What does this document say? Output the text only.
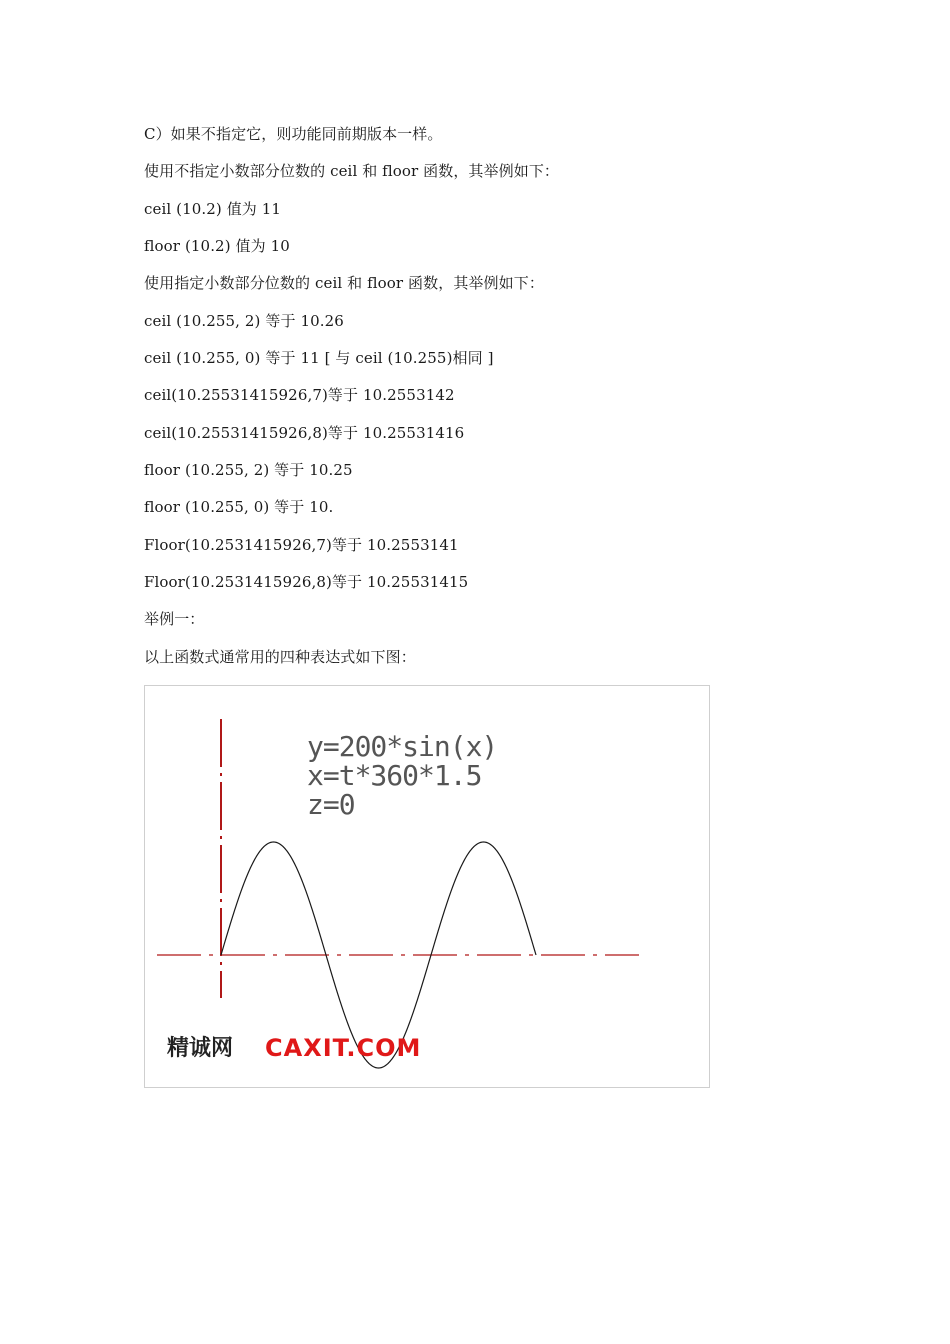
C）如果不指定它，则功能同前期版本一样。
使用不指定小数部分位数的 ceil 和 floor 函数，其举例如下：
ceil (10.2) 值为 11
floor (10.2) 值为 10
使用指定小数部分位数的 ceil 和 floor 函数，其举例如下：
ceil (10.255, 2) 等于 10.26
ceil (10.255, 0) 等于 11 [ 与 ceil (10.255)相同 ]
ceil(10.25531415926,7)等于 10.2553142
ceil(10.25531415926,8)等于 10.25531416
floor (10.255, 2) 等于 10.25
floor (10.255, 0) 等于 10.
Floor(10.2531415926,7)等于 10.2553141
Floor(10.2531415926,8)等于 10.25531415
举例一：
以上函数式通常用的四种表达式如下图：
y=200*sin(x)
x=t*360*1.5
z=0
精诚网 CAXIT.COM
